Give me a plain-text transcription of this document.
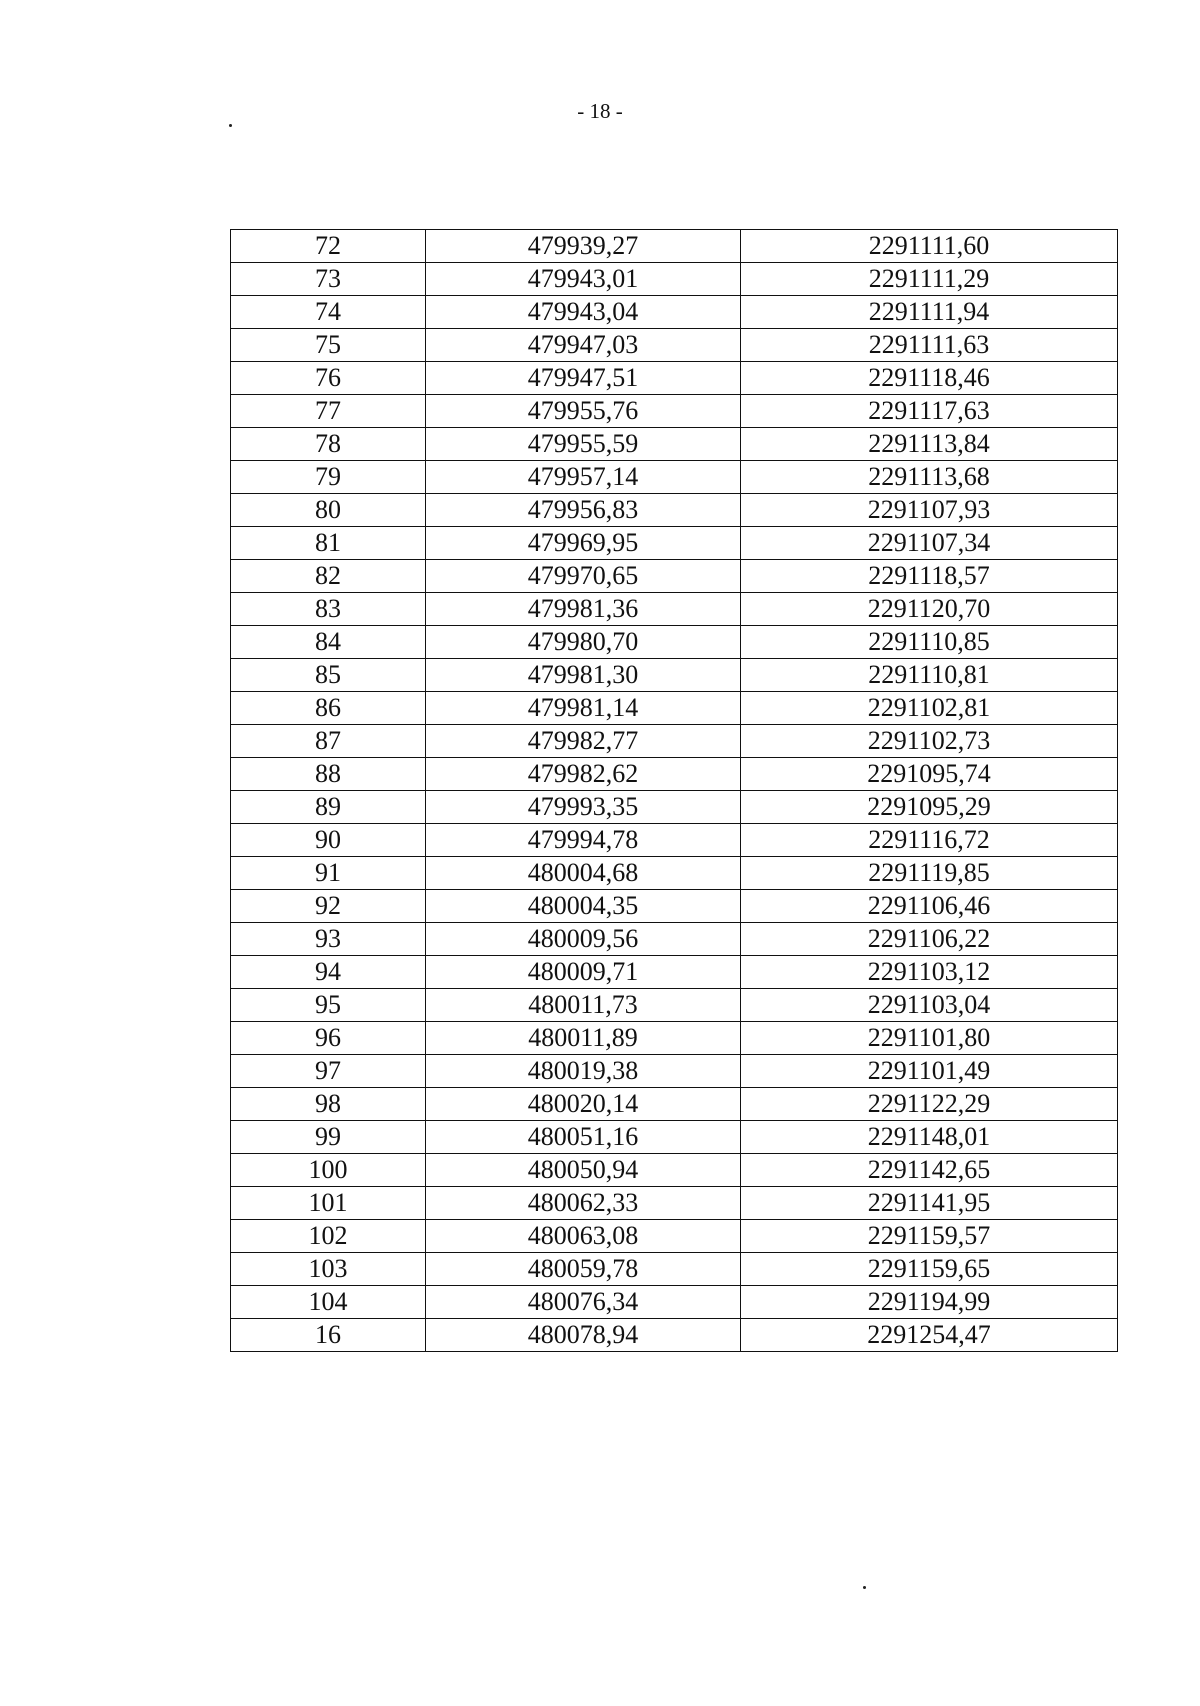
- 18 -
72	479939,27	2291111,60
73	479943,01	2291111,29
74	479943,04	2291111,94
75	479947,03	2291111,63
76	479947,51	2291118,46
77	479955,76	2291117,63
78	479955,59	2291113,84
79	479957,14	2291113,68
80	479956,83	2291107,93
81	479969,95	2291107,34
82	479970,65	2291118,57
83	479981,36	2291120,70
84	479980,70	2291110,85
85	479981,30	2291110,81
86	479981,14	2291102,81
87	479982,77	2291102,73
88	479982,62	2291095,74
89	479993,35	2291095,29
90	479994,78	2291116,72
91	480004,68	2291119,85
92	480004,35	2291106,46
93	480009,56	2291106,22
94	480009,71	2291103,12
95	480011,73	2291103,04
96	480011,89	2291101,80
97	480019,38	2291101,49
98	480020,14	2291122,29
99	480051,16	2291148,01
100	480050,94	2291142,65
101	480062,33	2291141,95
102	480063,08	2291159,57
103	480059,78	2291159,65
104	480076,34	2291194,99
16	480078,94	2291254,47
